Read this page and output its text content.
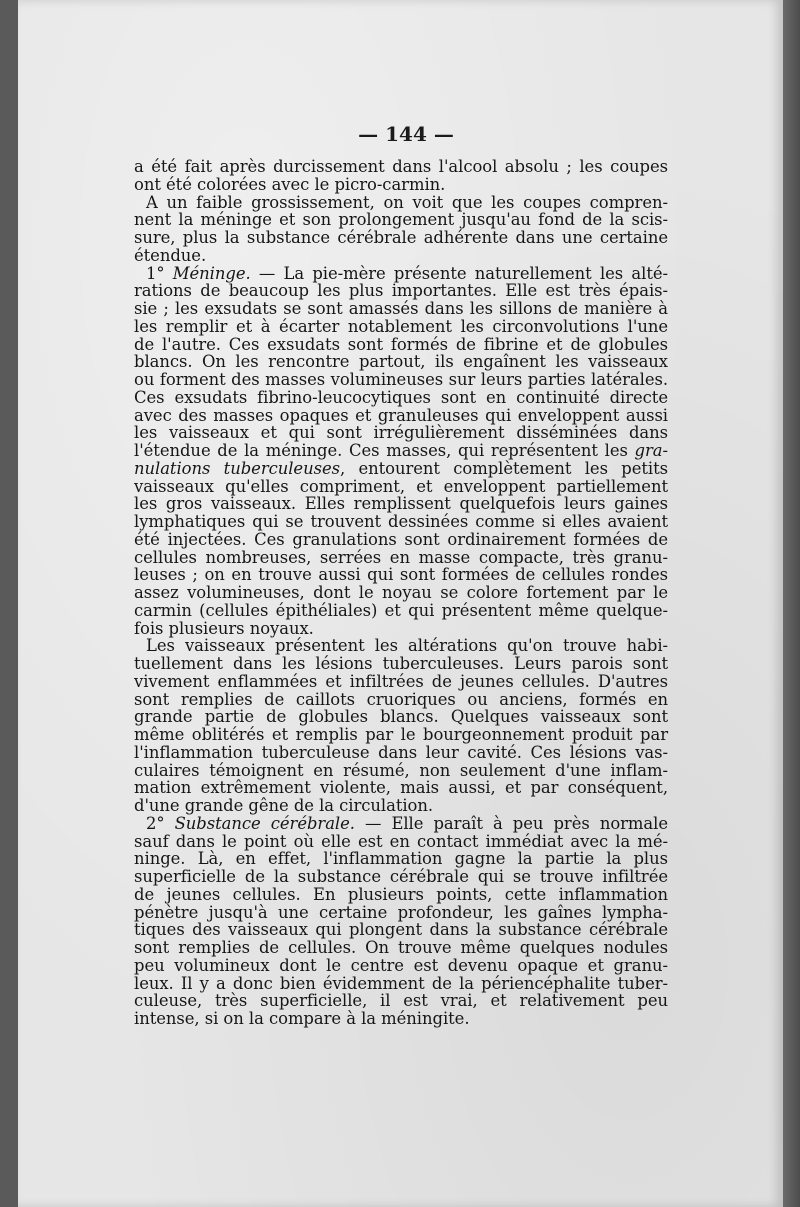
— 144 —
a été fait après durcissement dans l'alcool absolu ; les coupes
ont été colorées avec le picro-carmin.
A un faible grossissement, on voit que les coupes compren-
nent la méninge et son prolongement jusqu'au fond de la scis-
sure, plus la substance cérébrale adhérente dans une certaine
étendue.
1° Méninge. — La pie-mère présente naturellement les alté-
rations de beaucoup les plus importantes. Elle est très épais-
sie ; les exsudats se sont amassés dans les sillons de manière à
les remplir et à écarter notablement les circonvolutions l'une
de l'autre. Ces exsudats sont formés de fibrine et de globules
blancs. On les rencontre partout, ils engaînent les vaisseaux
ou forment des masses volumineuses sur leurs parties latérales.
Ces exsudats fibrino-leucocytiques sont en continuité directe
avec des masses opaques et granuleuses qui enveloppent aussi
les vaisseaux et qui sont irrégulièrement disséminées dans
l'étendue de la méninge. Ces masses, qui représentent les gra-
nulations tuberculeuses, entourent complètement les petits
vaisseaux qu'elles compriment, et enveloppent partiellement
les gros vaisseaux. Elles remplissent quelquefois leurs gaines
lymphatiques qui se trouvent dessinées comme si elles avaient
été injectées. Ces granulations sont ordinairement formées de
cellules nombreuses, serrées en masse compacte, très granu-
leuses ; on en trouve aussi qui sont formées de cellules rondes
assez volumineuses, dont le noyau se colore fortement par le
carmin (cellules épithéliales) et qui présentent même quelque-
fois plusieurs noyaux.
Les vaisseaux présentent les altérations qu'on trouve habi-
tuellement dans les lésions tuberculeuses. Leurs parois sont
vivement enflammées et infiltrées de jeunes cellules. D'autres
sont remplies de caillots cruoriques ou anciens, formés en
grande partie de globules blancs. Quelques vaisseaux sont
même oblitérés et remplis par le bourgeonnement produit par
l'inflammation tuberculeuse dans leur cavité. Ces lésions vas-
culaires témoignent en résumé, non seulement d'une inflam-
mation extrêmement violente, mais aussi, et par conséquent,
d'une grande gêne de la circulation.
2° Substance cérébrale. — Elle paraît à peu près normale
sauf dans le point où elle est en contact immédiat avec la mé-
ninge. Là, en effet, l'inflammation gagne la partie la plus
superficielle de la substance cérébrale qui se trouve infiltrée
de jeunes cellules. En plusieurs points, cette inflammation
pénètre jusqu'à une certaine profondeur, les gaînes lympha-
tiques des vaisseaux qui plongent dans la substance cérébrale
sont remplies de cellules. On trouve même quelques nodules
peu volumineux dont le centre est devenu opaque et granu-
leux. Il y a donc bien évidemment de la périencéphalite tuber-
culeuse, très superficielle, il est vrai, et relativement peu
intense, si on la compare à la méningite.
